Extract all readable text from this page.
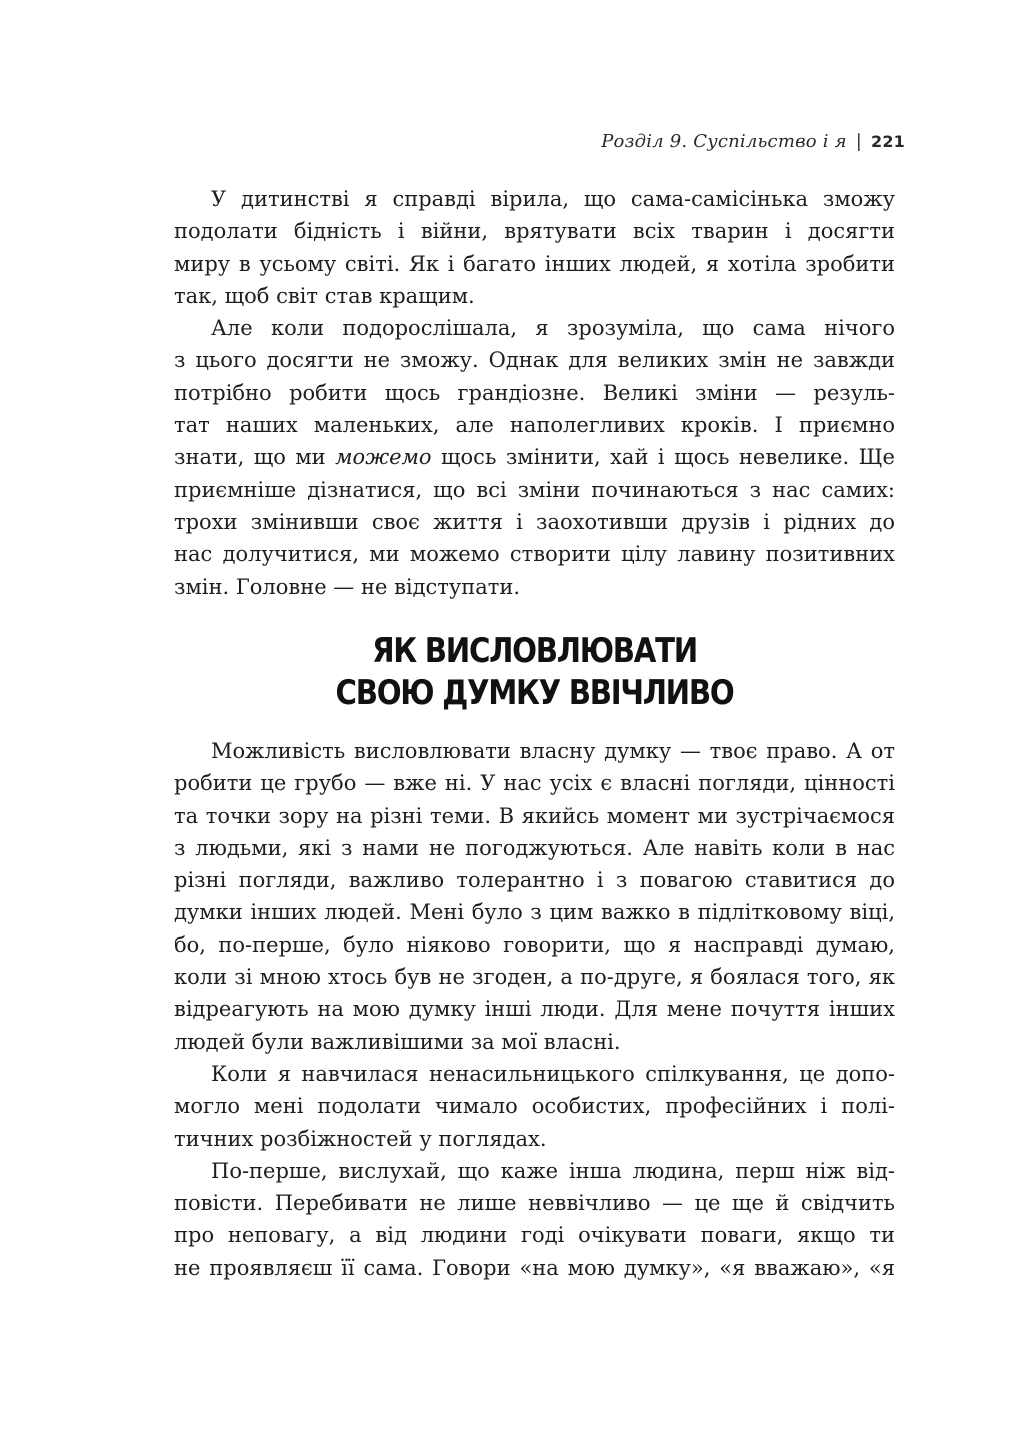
Розділ 9. Суспільство і я | 221
У дитинстві я справді вірила, що сама-самісінька зможу
подолати бідність і війни, врятувати всіх тварин і досягти
миру в усьому світі. Як і багато інших людей, я хотіла зробити
так, щоб світ став кращим.
Але коли подорослішала, я зрозуміла, що сама нічого
з цього досягти не зможу. Однак для великих змін не завжди
потрібно робити щось грандіозне. Великі зміни — резуль-
тат наших маленьких, але наполегливих кроків. І приємно
знати, що ми можемо щось змінити, хай і щось невелике. Ще
приємніше дізнатися, що всі зміни починаються з нас самих:
трохи змінивши своє життя і заохотивши друзів і рідних до
нас долучитися, ми можемо створити цілу лавину позитивних
змін. Головне — не відступати.
ЯК ВИСЛОВЛЮВАТИ
СВОЮ ДУМКУ ВВІЧЛИВО
Можливість висловлювати власну думку — твоє право. А от
робити це грубо — вже ні. У нас усіх є власні погляди, цінності
та точки зору на різні теми. В якийсь момент ми зустрічаємося
з людьми, які з нами не погоджуються. Але навіть коли в нас
різні погляди, важливо толерантно і з повагою ставитися до
думки інших людей. Мені було з цим важко в підлітковому віці,
бо, по-перше, було ніяково говорити, що я насправді думаю,
коли зі мною хтось був не згоден, а по-друге, я боялася того, як
відреагують на мою думку інші люди. Для мене почуття інших
людей були важливішими за мої власні.
Коли я навчилася ненасильницького спілкування, це допо-
могло мені подолати чимало особистих, професійних і полі-
тичних розбіжностей у поглядах.
По-перше, вислухай, що каже інша людина, перш ніж від-
повісти. Перебивати не лише неввічливо — це ще й свідчить
про неповагу, а від людини годі очікувати поваги, якщо ти
не проявляєш її сама. Говори «на мою думку», «я вважаю», «я
